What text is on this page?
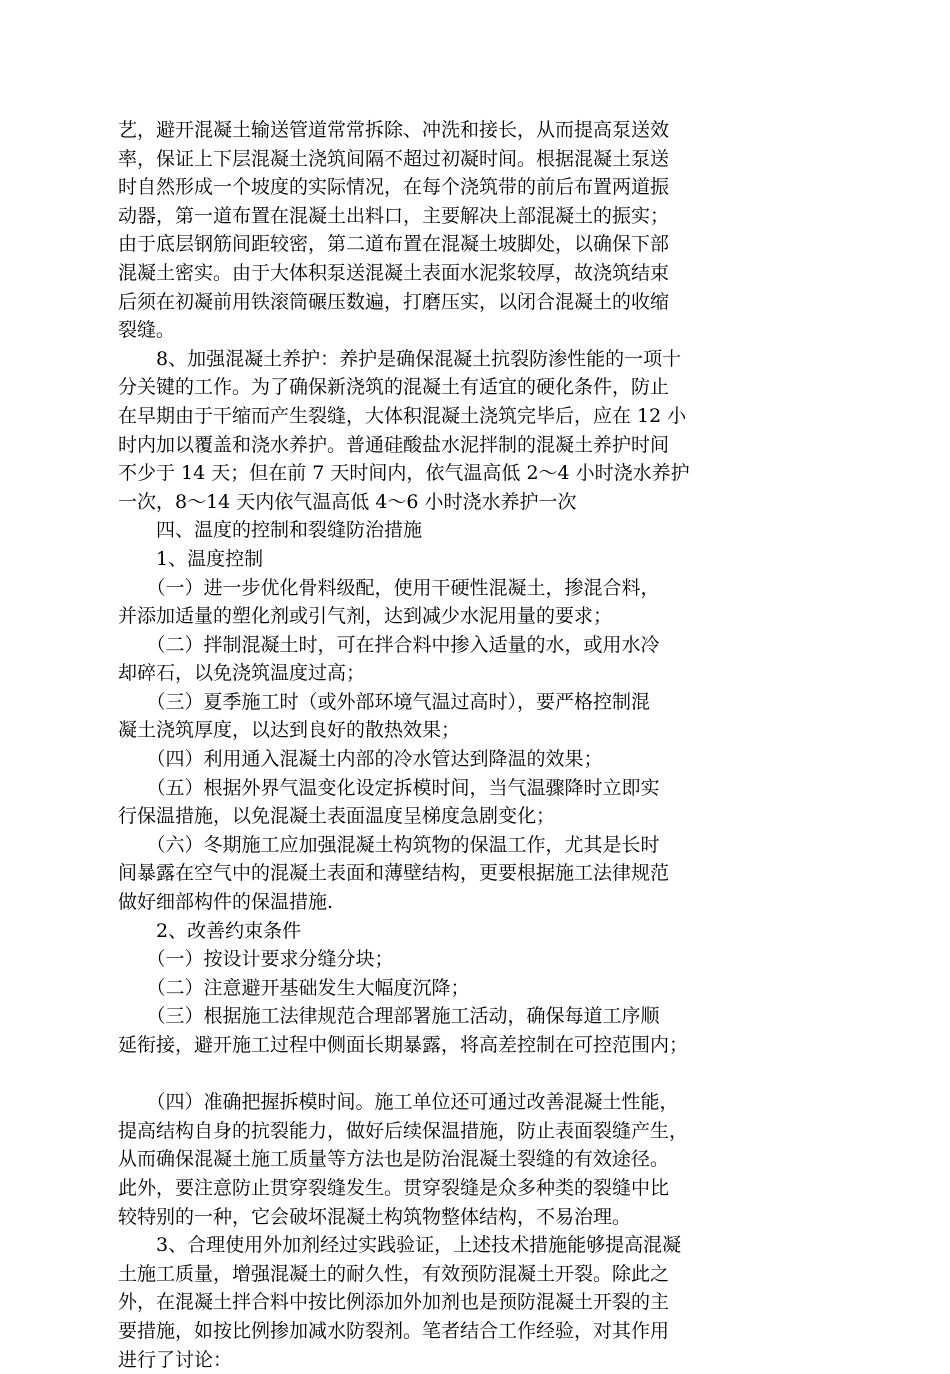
艺，避开混凝土输送管道常常拆除、冲洗和接长，从而提高泵送效
率，保证上下层混凝土浇筑间隔不超过初凝时间。根据混凝土泵送
时自然形成一个坡度的实际情况，在每个浇筑带的前后布置两道振
动器，第一道布置在混凝土出料口，主要解决上部混凝土的振实；
由于底层钢筋间距较密，第二道布置在混凝土坡脚处，以确保下部
混凝土密实。由于大体积泵送混凝土表面水泥浆较厚，故浇筑结束
后须在初凝前用铁滚筒碾压数遍，打磨压实，以闭合混凝土的收缩
裂缝。
　　8、加强混凝土养护：养护是确保混凝土抗裂防渗性能的一项十
分关键的工作。为了确保新浇筑的混凝土有适宜的硬化条件，防止
在早期由于干缩而产生裂缝，大体积混凝土浇筑完毕后，应在 12 小
时内加以覆盖和浇水养护。普通硅酸盐水泥拌制的混凝土养护时间
不少于 14 天；但在前 7 天时间内，依气温高低 2～4 小时浇水养护
一次，8～14 天内依气温高低 4～6 小时浇水养护一次
　　四、温度的控制和裂缝防治措施
　　1、温度控制
　　（一）进一步优化骨料级配，使用干硬性混凝土，掺混合料，
并添加适量的塑化剂或引气剂，达到减少水泥用量的要求；
　　（二）拌制混凝土时，可在拌合料中掺入适量的水，或用水冷
却碎石，以免浇筑温度过高；
　　（三）夏季施工时（或外部环境气温过高时），要严格控制混
凝土浇筑厚度，以达到良好的散热效果；
　　（四）利用通入混凝土内部的冷水管达到降温的效果；
　　（五）根据外界气温变化设定拆模时间，当气温骤降时立即实
行保温措施，以免混凝土表面温度呈梯度急剧变化；
　　（六）冬期施工应加强混凝土构筑物的保温工作，尤其是长时
间暴露在空气中的混凝土表面和薄壁结构，更要根据施工法律规范
做好细部构件的保温措施.
　　2、改善约束条件
　　（一）按设计要求分缝分块；
　　（二）注意避开基础发生大幅度沉降；
　　（三）根据施工法律规范合理部署施工活动，确保每道工序顺
延衔接，避开施工过程中侧面长期暴露，将高差控制在可控范围内；
　　（四）准确把握拆模时间。施工单位还可通过改善混凝土性能，
提高结构自身的抗裂能力，做好后续保温措施，防止表面裂缝产生，
从而确保混凝土施工质量等方法也是防治混凝土裂缝的有效途径。
此外，要注意防止贯穿裂缝发生。贯穿裂缝是众多种类的裂缝中比
较特别的一种，它会破坏混凝土构筑物整体结构，不易治理。
　　3、合理使用外加剂经过实践验证，上述技术措施能够提高混凝
土施工质量，增强混凝土的耐久性，有效预防混凝土开裂。除此之
外，在混凝土拌合料中按比例添加外加剂也是预防混凝土开裂的主
要措施，如按比例掺加减水防裂剂。笔者结合工作经验，对其作用
进行了讨论：
